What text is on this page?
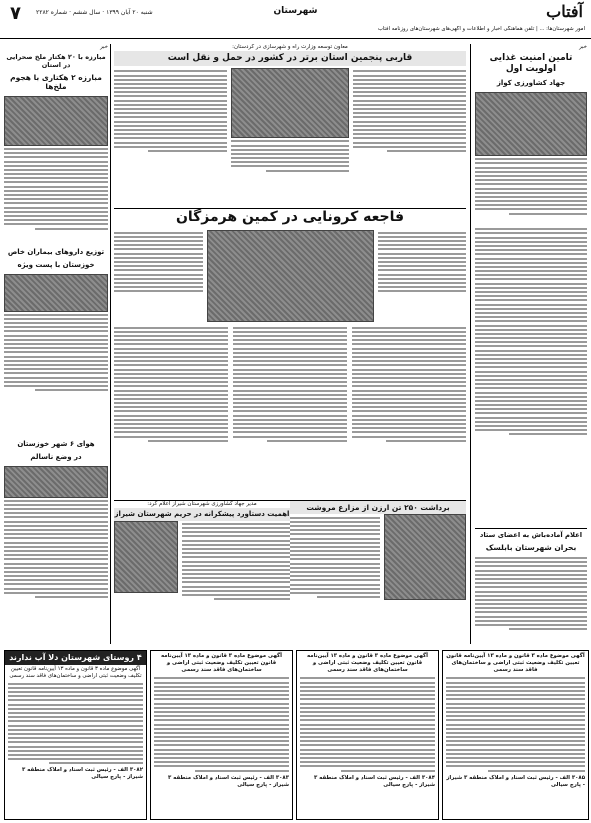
آفتاب
شهرستان
۷	شنبه ۲۰ آبان ۱۳۹۹ · سال ششم · شماره ۲۲۸۲
امور شهرستان‌ها: ... | تلفن هماهنگی اخبار و اطلاعات و آگهی‌های شهرستان‌های روزنامه آفتاب
خبر
تامین امنیت غذایی اولویت اول
جهاد کشاورزی کواز
معاون توسعه وزارت راه و شهرسازی در کردستان:
قاربی پنجمین استان برتر در کشور در حمل و نقل است
خبر
مبارزه با ۲۰ هکتار ملخ صحرایی در استان
مبارزه ۲ هکتاری با هجوم ملخ‌ها
توزیع دارو‌های بیماران خاص
خوزستان با پست ویژه
هوای ۶ شهر خوزستان
در وضع ناسالم
فاجعه کرونایی در کمین هرمزگان
اعلام آماده‌باش به اعضای ستاد
بحران شهرستان بابلسک
برداشت ۲۵۰ تن ارزن از مزارع مروشت
مدیر جهاد کشاورزی شهرستان شیراز اعلام کرد:
اهمیت دستاورد پیشکرانه در حریم شهرستان شیراز
۴ روستای شهرستان دلا آب ندارند
آگهی موضوع ماده ۳ قانون و ماده ۱۳ آیین‌نامه قانون تعیین تکلیف وضعیت ثبتی اراضی و ساختمان‌های فاقد سند رسمی
۳۰۸۲ الف - رئیس ثبت اسناد و املاک منطقه ۳ شیراز - پارچ سیالی
آگهی موضوع ماده ۳ قانون و ماده ۱۳ آیین‌نامه قانون تعیین تکلیف وضعیت ثبتی اراضی و ساختمان‌های فاقد سند رسمی
۳۰۸۳ الف - رئیس ثبت اسناد و املاک منطقه ۳ شیراز - پارچ سیالی
آگهی موضوع ماده ۳ قانون و ماده ۱۳ آیین‌نامه قانون تعیین تکلیف وضعیت ثبتی اراضی و ساختمان‌های فاقد سند رسمی
۳۰۸۴ الف - رئیس ثبت اسناد و املاک منطقه ۳ شیراز - پارچ سیالی
آگهی موضوع ماده ۳ قانون و ماده ۱۳ آیین‌نامه قانون تعیین تکلیف وضعیت ثبتی اراضی و ساختمان‌های فاقد سند رسمی
۳۰۸۵ الف - رئیس ثبت اسناد و املاک منطقه ۳ شیراز - پارچ سیالی
